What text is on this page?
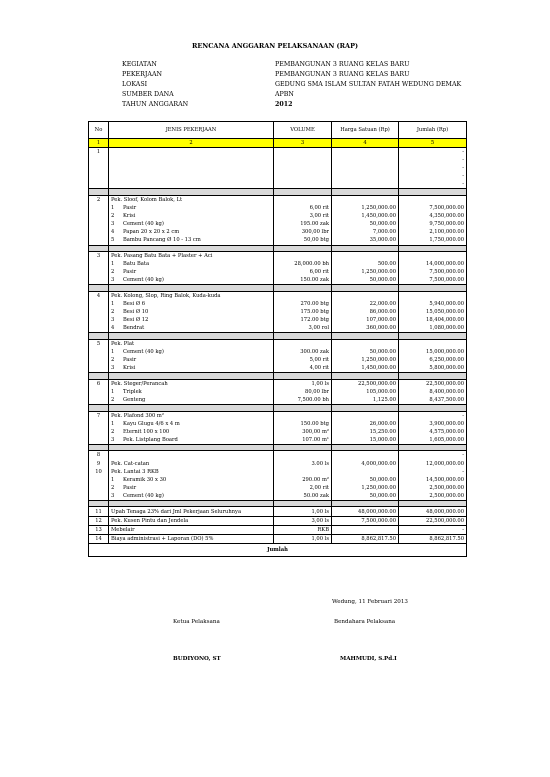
RENCANA ANGGARAN PELAKSANAAN (RAP)
KEGIATAN	PEMBANGUNAN 3 RUANG KELAS BARU
PEKERJAAN	PEMBANGUNAN 3 RUANG KELAS BARU
LOKASI	GEDUNG SMA ISLAM SULTAN FATAH WEDUNG DEMAK
SUMBER DANA	APBN
TAHUN ANGGARAN	2012
No	JENIS PEKERJAAN	VOLUME	Harga Satuan (Rp)	Jumlah (Rp)
1	2	3	4	5
1				-
				-
				-
				-
				-

2	Pek. Sloof, Kolom Balok, Lt			
	1 Pasir	6,00 rit	1,250,000.00	7,500,000.00
	2 Krisi	3,00 rit	1,450,000.00	4,350,000.00
	3 Cement (40 kg)	195.00 zak	50,000.00	9,750,000.00
	4 Papan 20 x 20 x 2 cm	300,00 lbr	7,000.00	2,100,000.00
	5 Bambu Pancang Ø 10 - 13 cm	50,00 btg	35,000.00	1,750,000.00

3	Pek. Pasang Batu Bata + Plaster + Aci			
	1 Batu Bata	28,000.00 bh	500.00	14,000,000.00
	2 Pasir	6,00 rit	1,250,000.00	7,500,000.00
	3 Cement (40 kg)	150.00 zak	50,000.00	7,500,000.00

4	Pek. Kolong, Slop, Ring Balok, Kuda-kuda			
	1 Besi Ø 6	270.00 btg	22,000.00	5,940,000.00
	2 Besi Ø 10	175.00 btg	86,000.00	15,050,000.00
	3 Besi Ø 12	172.00 btg	107,000.00	18,404,000.00
	4 Bendrat	3,00 rol	360,000.00	1,080,000.00

5	Pek. Plat			
	1 Cement (40 kg)	300.00 zak	50,000.00	15,000,000.00
	2 Pasir	5,00 rit	1,250,000.00	6,250,000.00
	3 Krisi	4,00 rit	1,450,000.00	5,800,000.00

6	Pek. Steger/Perancah	1,00 ls	22,500,000.00	22,500,000.00
	1 Triplek	80,00 lbr	105,000.00	8,400,000.00
	2 Genteng	7,500.00 bh	1,125.00	8,437,500.00

7	Pek. Plafond 300 m²			-
	1 Kayu Glugu 4/6 x 4 m	150.00 btg	26,000.00	3,900,000.00
	2 Eternit 100 x 100	300,00 m²	15,250.00	4,575,000.00
	3 Pek. Listplang Board	107.00 m¹	15,000.00	1,605,000.00

8				-
9	Pek. Cat-catan	3.00 ls	4,000,000.00	12,000,000.00
10	Pek. Lantai 3 RKB			-
	1 Keramik 30 x 30	290.00 m²	50,000.00	14,500,000.00
	2 Pasir	2,00 rit	1,250,000.00	2,500,000.00
	3 Cement (40 kg)	50.00 zak	50,000.00	2,500,000.00

11	Upah Tenaga 23% dari Jml Pekerjaan Seluruhnya	1,00 ls	48,000,000.00	48,000,000.00
12	Pek. Kusen Pintu dan Jendela	3,00 ls	7,500,000.00	22,500,000.00
13	Mebelair	RKB		-
14	Biaya administrasi + Laporan (DO) 5%	1,00 ls	8,862,817.50	8,862,817.50
Jumlah				
Wedung, 11 Februari 2013
Ketua Pelaksana	Bendahara Pelaksana
BUDIYONO, ST	MAHMUDI, S.Pd.I
